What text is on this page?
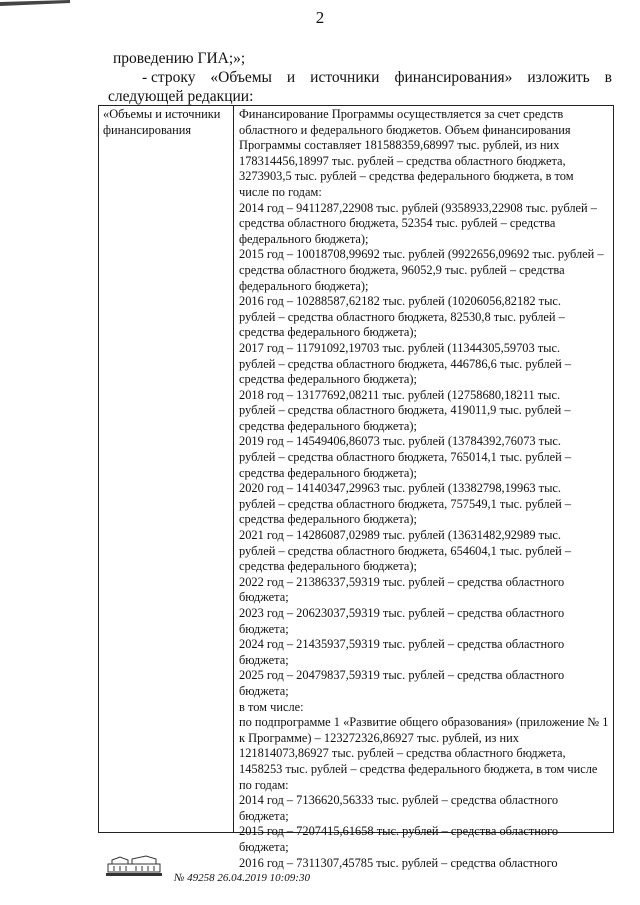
2
проведению ГИА;»;
- строку «Объемы и источники финансирования» изложить в
следующей редакции:
«Объемы и источники
финансирования
Финансирование Программы осуществляется за счет средств
областного и федерального бюджетов. Объем финансирования
Программы составляет 181588359,68997 тыс. рублей, из них
178314456,18997 тыс. рублей – средства областного бюджета,
3273903,5 тыс. рублей – средства федерального бюджета, в том
числе по годам:
2014 год – 9411287,22908 тыс. рублей (9358933,22908 тыс. рублей –
средства областного бюджета, 52354 тыс. рублей – средства
федерального бюджета);
2015 год – 10018708,99692 тыс. рублей (9922656,09692 тыс. рублей –
средства областного бюджета, 96052,9 тыс. рублей – средства
федерального бюджета);
2016 год – 10288587,62182 тыс. рублей (10206056,82182 тыс.
рублей – средства областного бюджета, 82530,8 тыс. рублей –
средства федерального бюджета);
2017 год – 11791092,19703 тыс. рублей (11344305,59703 тыс.
рублей – средства областного бюджета, 446786,6 тыс. рублей –
средства федерального бюджета);
2018 год – 13177692,08211 тыс. рублей (12758680,18211 тыс.
рублей – средства областного бюджета, 419011,9 тыс. рублей –
средства федерального бюджета);
2019 год – 14549406,86073 тыс. рублей (13784392,76073 тыс.
рублей – средства областного бюджета, 765014,1 тыс. рублей –
средства федерального бюджета);
2020 год – 14140347,29963 тыс. рублей (13382798,19963 тыс.
рублей – средства областного бюджета, 757549,1 тыс. рублей –
средства федерального бюджета);
2021 год – 14286087,02989 тыс. рублей (13631482,92989 тыс.
рублей – средства областного бюджета, 654604,1 тыс. рублей –
средства федерального бюджета);
2022 год – 21386337,59319 тыс. рублей – средства областного
бюджета;
2023 год – 20623037,59319 тыс. рублей – средства областного
бюджета;
2024 год – 21435937,59319 тыс. рублей – средства областного
бюджета;
2025 год – 20479837,59319 тыс. рублей – средства областного
бюджета;
в том числе:
по подпрограмме 1 «Развитие общего образования» (приложение № 1
к Программе) – 123272326,86927 тыс. рублей, из них
121814073,86927 тыс. рублей – средства областного бюджета,
1458253 тыс. рублей – средства федерального бюджета, в том числе
по годам:
2014 год – 7136620,56333 тыс. рублей – средства областного
бюджета;
2015 год – 7207415,61658 тыс. рублей – средства областного
бюджета;
2016 год – 7311307,45785 тыс. рублей – средства областного
№ 49258 26.04.2019 10:09:30
